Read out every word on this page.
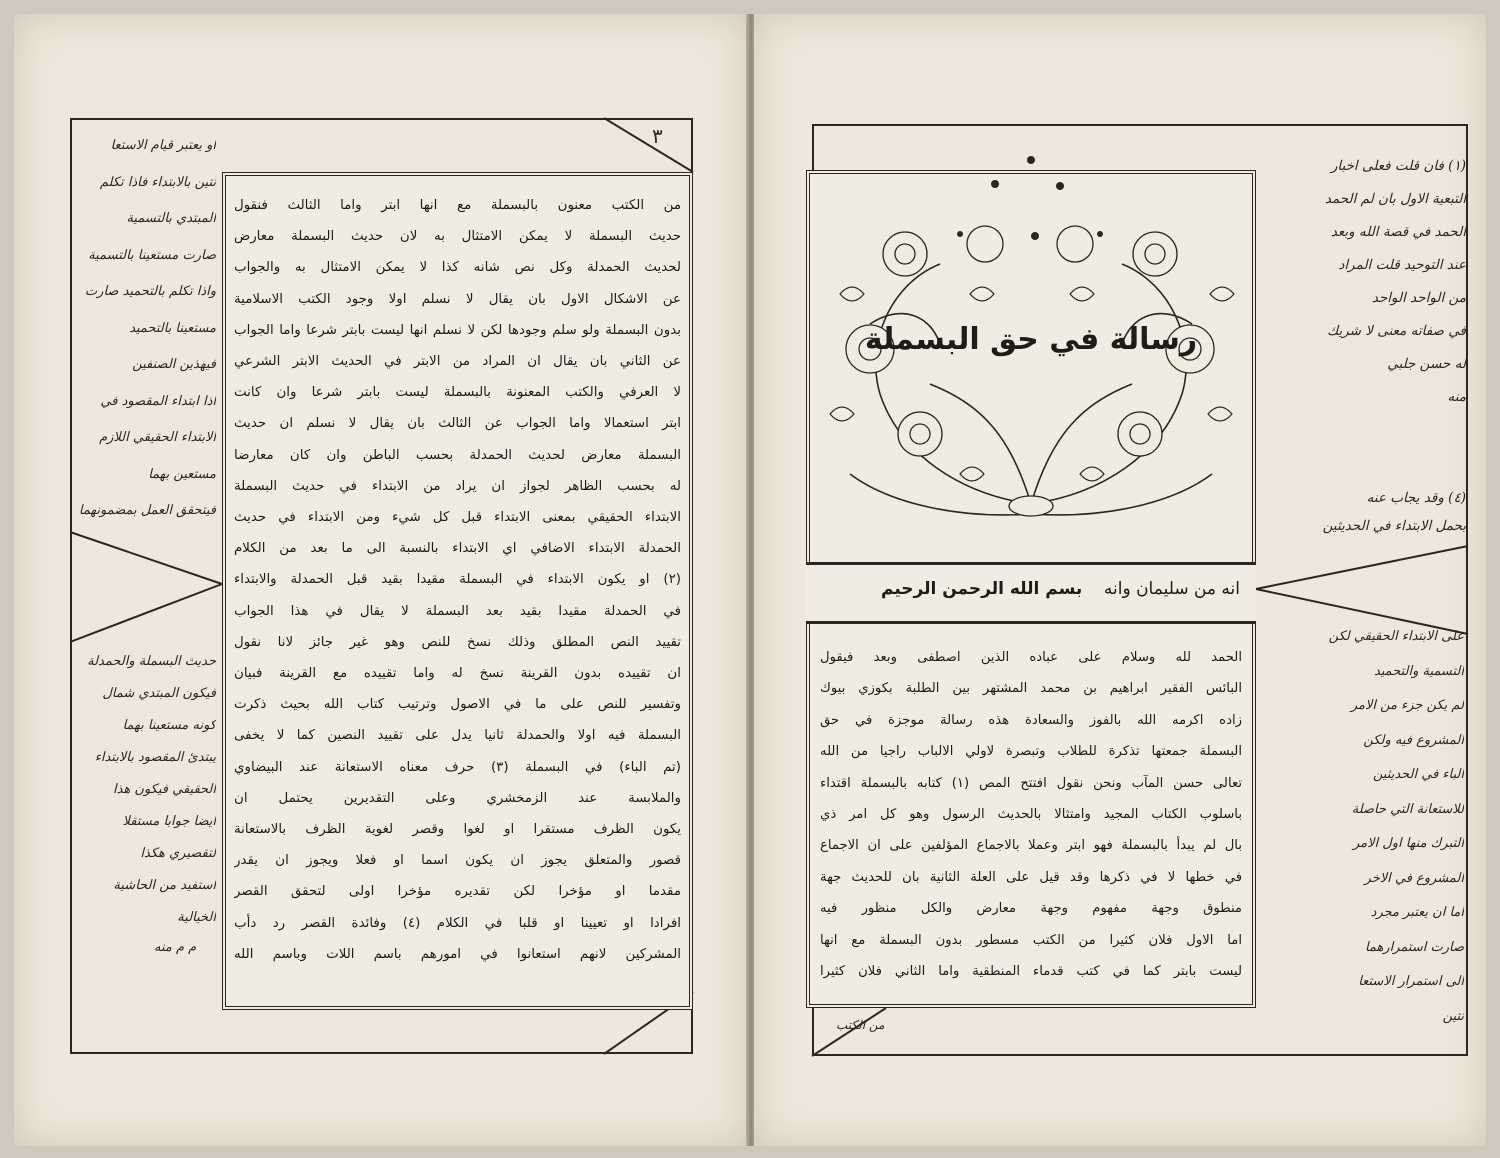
٣
من الكتب معنون بالبسملة مع انها ابتر واما الثالث فنقول
حديث البسملة لا يمكن الامتثال به لان حديث البسملة معارض
لحديث الحمدلة وكل نص شانه كذا لا يمكن الامتثال به والجواب
عن الاشكال الاول بان يقال لا نسلم اولا وجود الكتب الاسلامية
بدون البسملة ولو سلم وجودها لكن لا نسلم انها ليست بابتر شرعا واما الجواب
عن الثاني بان يقال ان المراد من الابتر في الحديث الابتر الشرعي
لا العرفي والكتب المعنونة بالبسملة ليست بابتر شرعا وان كانت
ابتر استعمالا واما الجواب عن الثالث بان يقال لا نسلم ان حديث
البسملة معارض لحديث الحمدلة بحسب الباطن وان كان معارضا
له بحسب الظاهر لجواز ان يراد من الابتداء في حديث البسملة
الابتداء الحقيقي بمعنى الابتداء قبل كل شيء ومن الابتداء في حديث
الحمدلة الابتداء الاضافي اي الابتداء بالنسبة الى ما بعد من الكلام
(٢) او يكون الابتداء في البسملة مقيدا بقيد قبل الحمدلة والابتداء
في الحمدلة مقيدا بقيد بعد البسملة لا يقال في هذا الجواب
تقييد النص المطلق وذلك نسخ للنص وهو غير جائز لانا نقول
ان تقييده بدون القرينة نسخ له واما تقييده مع القرينة فبيان
وتفسير للنص على ما في الاصول وترتيب كتاب الله بحيث ذكرت
البسملة فيه اولا والحمدلة ثانيا يدل على تقييد النصين كما لا يخفى
(تم الباء) في البسملة (٣) حرف معناه الاستعانة عند البيضاوي
والملابسة عند الزمخشري وعلى التقديرين يحتمل ان
يكون الظرف مستقرا او لغوا وقصر لغوية الظرف بالاستعانة
قصور والمتعلق يجوز ان يكون اسما او فعلا ويجوز ان يقدر
مقدما او مؤخرا لكن تقديره مؤخرا اولى لتحقق القصر
افرادا او تعيينا او قلبا في الكلام (٤) وفائدة القصر رد دأب
المشركين لانهم استعانوا في امورهم باسم اللات وباسم الله
او يعتبر قيام الاستعا
نتين بالابتداء فاذا تكلم
المبتدي بالتسمية
صارت مستعينا بالتسمية
واذا تكلم بالتحميد صارت
مستعينا بالتحميد
فيهذين الصنفين
اذا ابتداء المقصود في
الابتداء الحقيقي اللازم
مستعين بهما
فيتحقق العمل بمضمونهما
حديث البسملة والحمدلة
فيكون المبتدي شمال
كونه مستعينا بهما
يبتدئ المقصود بالابتداء
الحقيقي فيكون هذا
ايضا جوابا مستقلا
لتقصيري هكذا
استفيد من الحاشية
الخيالية
م م منه
رسالة في حق البسملة
انه من سليمان وانه    بسم الله الرحمن الرحيم
الحمد لله وسلام على عباده الذين اصطفى وبعد فيقول
البائس الفقير ابراهيم بن محمد المشتهر بين الطلبة بكوزي بيوك
زاده اكرمه الله بالفوز والسعادة هذه رسالة موجزة في حق
البسملة جمعتها تذكرة للطلاب وتبصرة لاولي الالباب راجيا من الله
تعالى حسن المآب ونحن نقول افتتح المص (١) كتابه بالبسملة اقتداء
باسلوب الكتاب المجيد وامتثالا بالحديث الرسول وهو كل امر ذي
بال لم يبدأ بالبسملة فهو ابتر وعملا بالاجماع المؤلفين على ان الاجماع
في خطها لا في ذكرها وقد قيل على العلة الثانية بان للحديث جهة
منطوق وجهة مفهوم وجهة معارض والكل منظور فيه
اما الاول فلان كثيرا من الكتب مسطور بدون البسملة مع انها
ليست بابتر كما في كتب قدماء المنطقية واما الثاني فلان كثيرا
من الكتب
(١) فان قلت فعلى اخبار
التبعية الاول بان لم الحمد
الحمد في قصة الله وبعد
عند التوحيد قلت المراد
من الواحد الواحد
في صفاته معنى لا شريك
له حسن جلبي
منه
(٤) وقد يجاب عنه
بحمل الابتداء في الحديثين
على الابتداء الحقيقي لكن
التسمية والتحميد
لم يكن جزء من الامر
المشروع فيه ولكن
الباء في الحديثين
للاستعانة التي حاصلة
التبرك منها اول الامر
المشروع في الاخر
اما ان يعتبر مجرد
صارت استمرارهما
الى استمرار الاستعا
نتين
